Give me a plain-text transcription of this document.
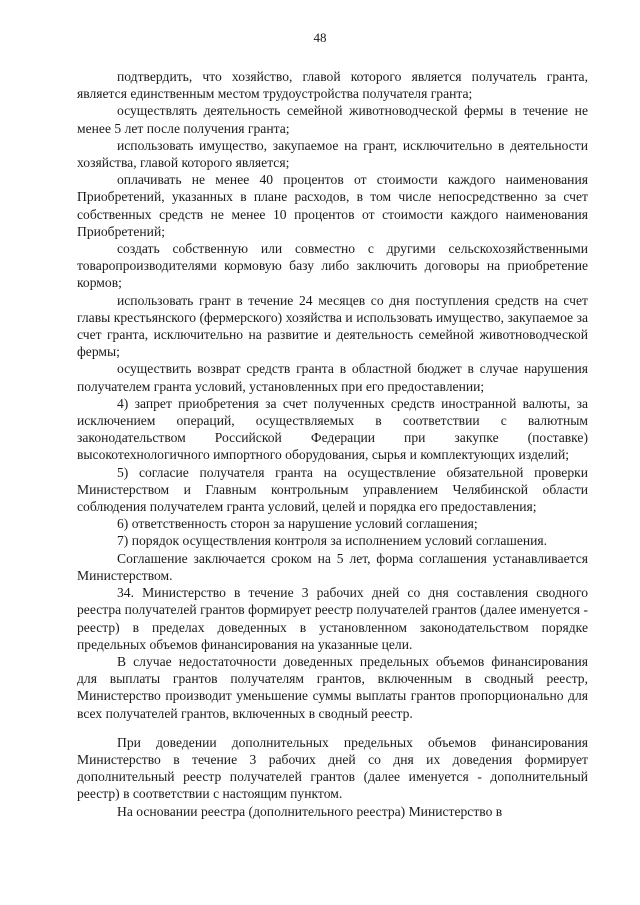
48

подтвердить, что хозяйство, главой которого является получатель гранта, является единственным местом трудоустройства получателя гранта;

осуществлять деятельность семейной животноводческой фермы в течение не менее 5 лет после получения гранта;

использовать имущество, закупаемое на грант, исключительно в деятельности хозяйства, главой которого является;

оплачивать не менее 40 процентов от стоимости каждого наименования Приобретений, указанных в плане расходов, в том числе непосредственно за счет собственных средств не менее 10 процентов от стоимости каждого наименования Приобретений;

создать собственную или совместно с другими сельскохозяйственными товаропроизводителями кормовую базу либо заключить договоры на приобретение кормов;

использовать грант в течение 24 месяцев со дня поступления средств на счет главы крестьянского (фермерского) хозяйства и использовать имущество, закупаемое за счет гранта, исключительно на развитие и деятельность семейной животноводческой фермы;

осуществить возврат средств гранта в областной бюджет в случае нарушения получателем гранта условий, установленных при его предоставлении;

4) запрет приобретения за счет полученных средств иностранной валюты, за исключением операций, осуществляемых в соответствии с валютным законодательством Российской Федерации при закупке (поставке) высокотехнологичного импортного оборудования, сырья и комплектующих изделий;

5) согласие получателя гранта на осуществление обязательной проверки Министерством и Главным контрольным управлением Челябинской области соблюдения получателем гранта условий, целей и порядка его предоставления;

6) ответственность сторон за нарушение условий соглашения;

7) порядок осуществления контроля за исполнением условий соглашения.

Соглашение заключается сроком на 5 лет, форма соглашения устанавливается Министерством.

34. Министерство в течение 3 рабочих дней со дня составления сводного реестра получателей грантов формирует реестр получателей грантов (далее именуется - реестр) в пределах доведенных в установленном законодательством порядке предельных объемов финансирования на указанные цели.

В случае недостаточности доведенных предельных объемов финансирования для выплаты грантов получателям грантов, включенным в сводный реестр, Министерство производит уменьшение суммы выплаты грантов пропорционально для всех получателей грантов, включенных в сводный реестр.

При доведении дополнительных предельных объемов финансирования Министерство в течение 3 рабочих дней со дня их доведения формирует дополнительный реестр получателей грантов (далее именуется - дополнительный реестр) в соответствии с настоящим пунктом.

На основании реестра (дополнительного реестра) Министерство в
